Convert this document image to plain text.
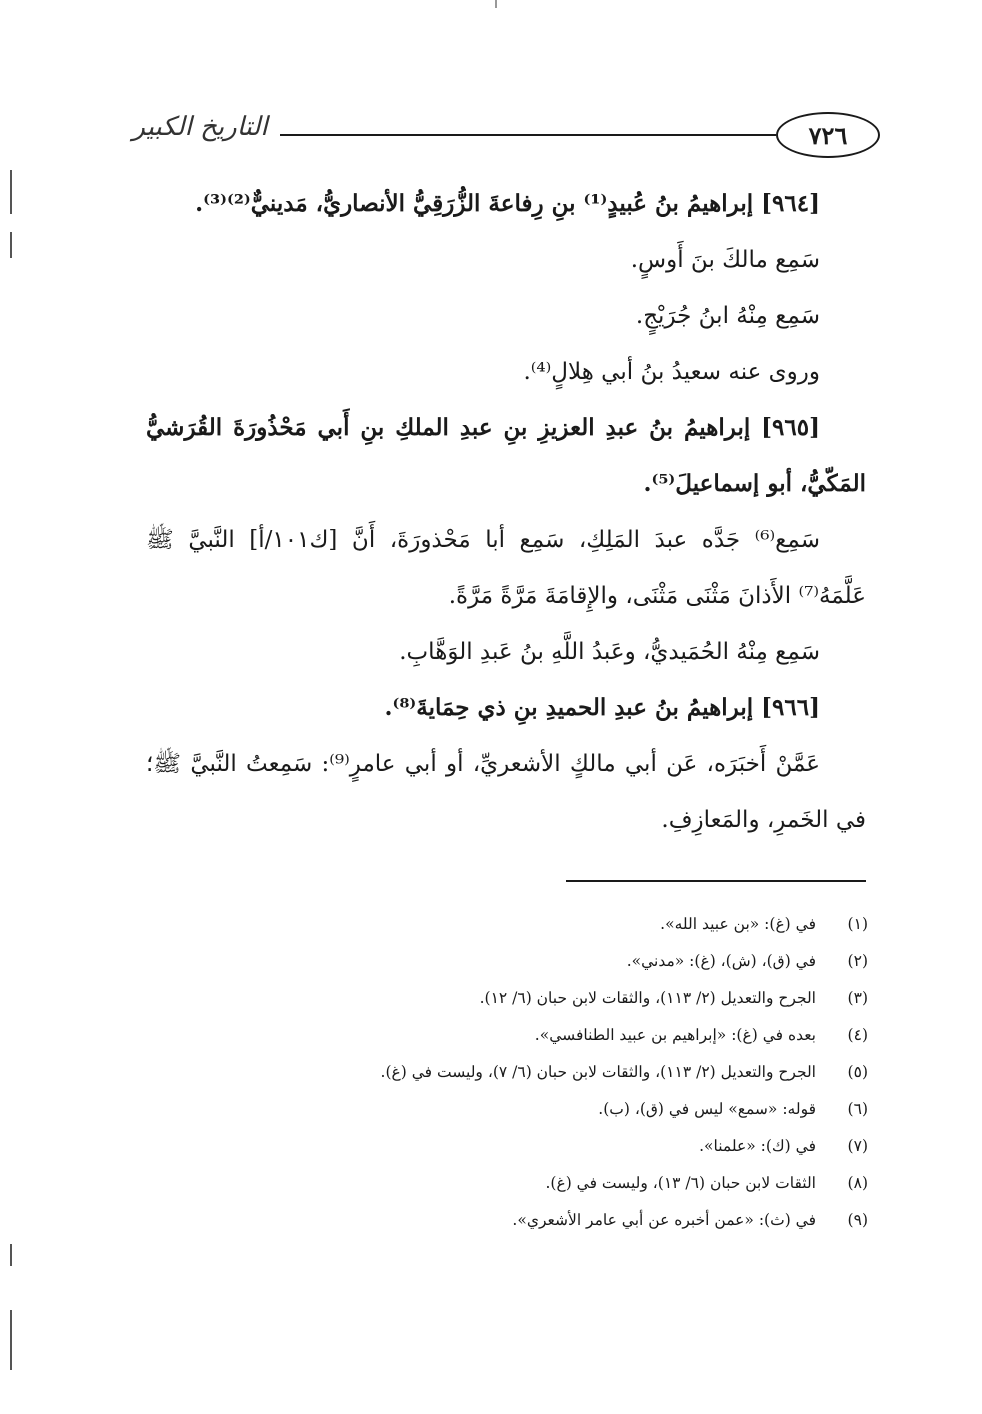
التاريخ الكبير	٧٢٦

[٩٦٤] إبراهيمُ بنُ عُبيدٍ⁽¹⁾ بنِ رِفاعةَ الزُّرَقِيُّ الأنصاريُّ، مَدينيٌّ⁽²⁾⁽³⁾.

سَمِع مالكَ بنَ أَوسٍ.

سَمِع مِنْهُ ابنُ جُرَيْجٍ.

وروى عنه سعيدُ بنُ أبي هِلالٍ⁽⁴⁾.

[٩٦٥] إبراهيمُ بنُ عبدِ العزيزِ بنِ عبدِ الملكِ بنِ أَبي مَحْذُورَةَ القُرَشيُّ المَكّيُّ، أبو إسماعيلَ⁽⁵⁾.

سَمِع⁽⁶⁾ جَدَّه عبدَ المَلِكِ، سَمِع أبا مَحْذورَةَ، أَنَّ [ك١٠١/أ] النَّبيَّ ﷺ عَلَّمَهُ⁽⁷⁾ الأَذانَ مَثْنَى مَثْنَى، والإِقامَةَ مَرَّةً مَرَّةً.

سَمِع مِنْهُ الحُمَيديُّ، وعَبدُ اللَّهِ بنُ عَبدِ الوَهَّابِ.

[٩٦٦] إبراهيمُ بنُ عبدِ الحميدِ بنِ ذي حِمَايةَ⁽⁸⁾.

عَمَّنْ أَخبَرَه، عَن أبي مالكٍ الأشعريِّ، أو أبي عامرٍ⁽⁹⁾: سَمِعتُ النَّبيَّ ﷺ؛ في الخَمرِ، والمَعازِفِ.

(١)
في (غ): «بن عبيد الله».
(٢)
في (ق)، (ش)، (غ): «مدني».
(٣)
الجرح والتعديل (٢/ ١١٣)، والثقات لابن حبان (٦/ ١٢).
(٤)
بعده في (غ): «إبراهيم بن عبيد الطنافسي».
(٥)
الجرح والتعديل (٢/ ١١٣)، والثقات لابن حبان (٦/ ٧)، وليست في (غ).
(٦)
قوله: «سمع» ليس في (ق)، (ب).
(٧)
في (ك): «علمنا».
(٨)
الثقات لابن حبان (٦/ ١٣)، وليست في (غ).
(٩)
في (ث): «عمن أخبره عن أبي عامر الأشعري».
